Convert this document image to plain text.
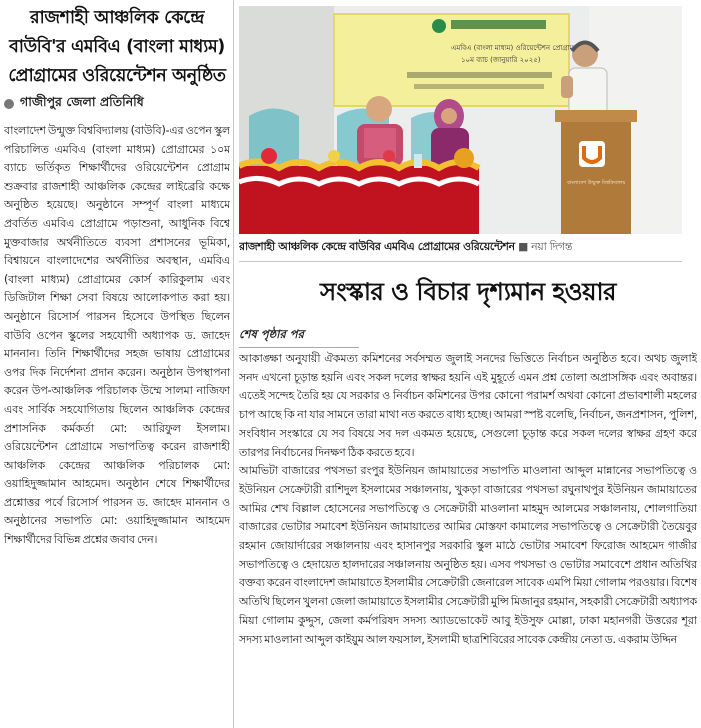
রাজশাহী আঞ্চলিক কেন্দ্রে বাউবি'র এমবিএ (বাংলা মাধ্যম) প্রোগ্রামের ওরিয়েন্টেশন অনুষ্ঠিত
গাজীপুর জেলা প্রতিনিধি
বাংলাদেশ উন্মুক্ত বিশ্ববিদ্যালয় (বাউবি)-এর ওপেন স্কুল পরিচালিত এমবিএ (বাংলা মাধ্যম) প্রোগ্রামের ১০ম ব্যাচে ভর্তিকৃত শিক্ষার্থীদের ওরিয়েন্টেশন প্রোগ্রাম শুক্রবার রাজশাহী আঞ্চলিক কেন্দ্রের লাইব্রেরি কক্ষে অনুষ্ঠিত হয়েছে। অনুষ্ঠানে সম্পূর্ণ বাংলা মাধ্যমে প্রবর্তিত এমবিএ প্রোগ্রামে পড়াশুনা, আধুনিক বিশ্বে মুক্তবাজার অর্থনীতিতে ব্যবসা প্রশাসনের ভূমিকা, বিশ্বায়নে বাংলাদেশের অর্থনীতির অবস্থান, এমবিএ (বাংলা মাধ্যম) প্রোগ্রামের কোর্স কারিকুলাম এবং ডিজিটাল শিক্ষা সেবা বিষয়ে আলোকপাত করা হয়। অনুষ্ঠানে রিসোর্স পারসন হিসেবে উপস্থিত ছিলেন বাউবি ওপেন স্কুলের সহযোগী অধ্যাপক ড. জাহেদ মাননান। তিনি শিক্ষার্থীদের সহজ ভাষায় প্রোগ্রামের ওপর দিক নির্দেশনা প্রদান করেন। অনুষ্ঠান উপস্থাপনা করেন উপ-আঞ্চলিক পরিচালক উম্মে সালমা নাজিফা এবং সার্বিক সহযোগিতায় ছিলেন আঞ্চলিক কেন্দ্রের প্রশাসনিক কর্মকর্তা মো: আরিফুল ইসলাম। ওরিয়েন্টেশন প্রোগ্রামে সভাপতিত্ব করেন রাজশাহী আঞ্চলিক কেন্দ্রের আঞ্চলিক পরিচালক মো: ওয়াহিদুজ্জামান আহমেদ। অনুষ্ঠান শেষে শিক্ষার্থীদের প্রশ্নোত্তর পর্বে রিসোর্স পারসন ড. জাহেদ মাননান ও অনুষ্ঠানের সভাপতি মো: ওয়াহিদুজ্জামান আহমেদ শিক্ষার্থীদের বিভিন্ন প্রশ্নের জবাব দেন।
এমবিএ (বাংলা মাধ্যম) ওরিয়েন্টেশন প্রোগ্রাম
১০ম ব্যাচ (জানুয়ারি ২০২৫)
বাংলাদেশ উন্মুক্ত বিশ্ববিদ্যালয়
রাজশাহী আঞ্চলিক কেন্দ্রে বাউবির এমবিএ প্রোগ্রামের ওরিয়েন্টেশন ■ নয়া দিগন্ত
সংস্কার ও বিচার দৃশ্যমান হওয়ার
শেষ পৃষ্ঠার পর

আকাঙ্ক্ষা অনুযায়ী ঐকমত্য কমিশনের সর্বসম্মত জুলাই সনদের ভিত্তিতে নির্বাচন অনুষ্ঠিত হবে। অথচ জুলাই সনদ এখনো চূড়ান্ত হয়নি এবং সকল দলের স্বাক্ষর হয়নি এই মুহূর্তে এমন প্রশ্ন তোলা অপ্রাসঙ্গিক এবং অবান্তর। এতেই সন্দেহ তৈরি হয় যে সরকার ও নির্বাচন কমিশনের উপর কোনো পরামর্শ অথবা কোনো প্রভাবশালী মহলের চাপ আছে কি না যার সামনে তারা মাথা নত করতে বাধ্য হচ্ছে। আমরা স্পষ্ট বলেছি, নির্বাচন, জনপ্রশাসন, পুলিশ, সংবিধান সংস্কারে যে সব বিষয়ে সব দল একমত হয়েছে, সেগুলো চূড়ান্ত করে সকল দলের স্বাক্ষর গ্রহণ করে তারপর নির্বাচনের দিনক্ষণ ঠিক করতে হবে।

আমভিটা বাজারের পথসভা রংপুর ইউনিয়ন জামায়াতের সভাপতি মাওলানা আব্দুল মান্নানের সভাপতিত্বে ও ইউনিয়ন সেক্রেটারী রাশিদুল ইসলামের সঞ্চালনায়, খুকড়া বাজারের পথসভা রঘুনাথপুর ইউনিয়ন জামায়াতের আমির শেখ বিল্লাল হোসেনের সভাপতিত্বে ও সেক্রেটারী মাওলানা মাহমুদ আলমের সঞ্চালনায়, শোলগাতিয়া বাজারের ভোটার সমাবেশ ইউনিয়ন জামায়াতের আমির মোস্তফা কামালের সভাপতিত্বে ও সেক্রেটারী তৈয়েবুর রহমান জোয়ার্দারের সঞ্চালনায় এবং হাসানপুর সরকারি স্কুল মাঠে ভোটার সমাবেশ ফিরোজ আহমেদ গাজীর সভাপতিত্বে ও হেদায়েত হালদারের সঞ্চালনায় অনুষ্ঠিত হয়। এসব পথসভা ও ভোটার সমাবেশে প্রধান অতিথির বক্তব্য করেন বাংলাদেশ জামায়াতে ইসলামীর সেক্রেটারী জেনারেল সাবেক এমপি মিয়া গোলাম পরওয়ার। বিশেষ অতিথি ছিলেন খুলনা জেলা জামায়াতে ইসলামীর সেক্রেটারী মুন্সি মিজানুর রহমান, সহকারী সেক্রেটারী অধ্যাপক মিয়া গোলাম কুদ্দুস, জেলা কর্মপরিষদ সদস্য অ্যাডভোকেট আবু ইউসুফ মোল্লা, ঢাকা মহানগরী উত্তরের শূরা সদস্য মাওলানা আব্দুল কাইয়ুম আল ফয়সাল, ইসলামী ছাত্রশিবিরের সাবেক কেন্দ্রীয় নেতা ড. একরাম উদ্দিন
